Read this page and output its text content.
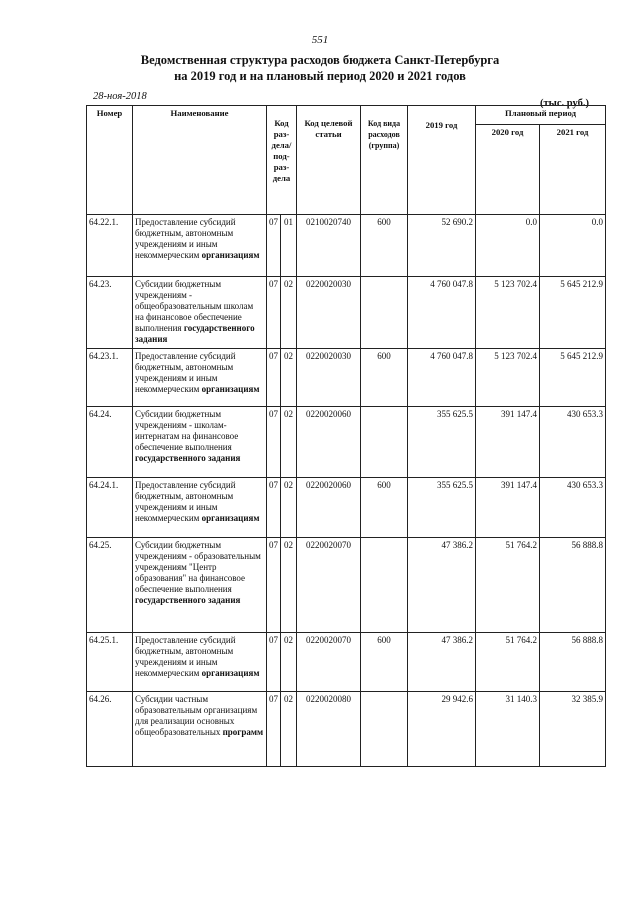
551
Ведомственная структура расходов бюджета Санкт-Петербурга
на 2019 год и на плановый период 2020 и 2021 годов
28-ноя-2018
(тыс. руб.)
Номер	Наименование	Код раз-дела/ под-раз-дела		Код целевой статьи	Код вида расходов (группа)	2019 год	Плановый период	
							2020 год	2021 год
64.22.1.	Предоставление субсидий бюджетным, автономным учреждениям и иным некоммерческим организациям	07	01	0210020740	600	52 690.2	0.0	0.0
64.23.	Субсидии бюджетным учреждениям - общеобразовательным школам на финансовое обеспечение выполнения государственного задания	07	02	0220020030		4 760 047.8	5 123 702.4	5 645 212.9
64.23.1.	Предоставление субсидий бюджетным, автономным учреждениям и иным некоммерческим организациям	07	02	0220020030	600	4 760 047.8	5 123 702.4	5 645 212.9
64.24.	Субсидии бюджетным учреждениям - школам-интернатам на финансовое обеспечение выполнения государственного задания	07	02	0220020060		355 625.5	391 147.4	430 653.3
64.24.1.	Предоставление субсидий бюджетным, автономным учреждениям и иным некоммерческим организациям	07	02	0220020060	600	355 625.5	391 147.4	430 653.3
64.25.	Субсидии бюджетным учреждениям - образовательным учреждениям "Центр образования" на финансовое обеспечение выполнения государственного задания	07	02	0220020070		47 386.2	51 764.2	56 888.8
64.25.1.	Предоставление субсидий бюджетным, автономным учреждениям и иным некоммерческим организациям	07	02	0220020070	600	47 386.2	51 764.2	56 888.8
64.26.	Субсидии частным образовательным организациям для реализации основных общеобразовательных программ	07	02	0220020080		29 942.6	31 140.3	32 385.9
